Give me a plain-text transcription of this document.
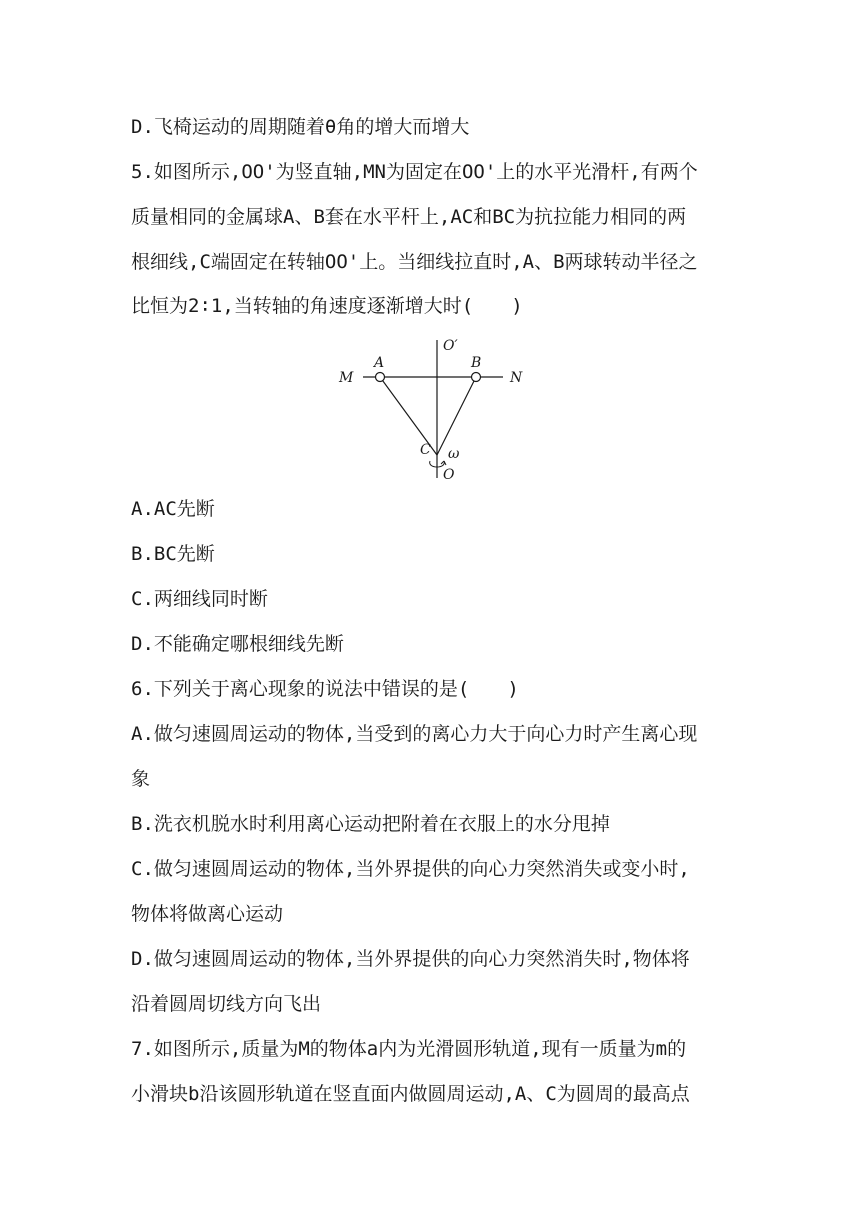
D.飞椅运动的周期随着θ角的增大而增大
5.如图所示,OO'为竖直轴,MN为固定在OO'上的水平光滑杆,有两个
质量相同的金属球A、B套在水平杆上,AC和BC为抗拉能力相同的两
根细线,C端固定在转轴OO'上。当细线拉直时,A、B两球转动半径之
比恒为2∶1,当转轴的角速度逐渐增大时(　　)
M
A
O′
B
N
C ω
O
A.AC先断
B.BC先断
C.两细线同时断
D.不能确定哪根细线先断
6.下列关于离心现象的说法中错误的是(　　)
A.做匀速圆周运动的物体,当受到的离心力大于向心力时产生离心现
象
B.洗衣机脱水时利用离心运动把附着在衣服上的水分甩掉
C.做匀速圆周运动的物体,当外界提供的向心力突然消失或变小时,
物体将做离心运动
D.做匀速圆周运动的物体,当外界提供的向心力突然消失时,物体将
沿着圆周切线方向飞出
7.如图所示,质量为M的物体a内为光滑圆形轨道,现有一质量为m的
小滑块b沿该圆形轨道在竖直面内做圆周运动,A、C为圆周的最高点
